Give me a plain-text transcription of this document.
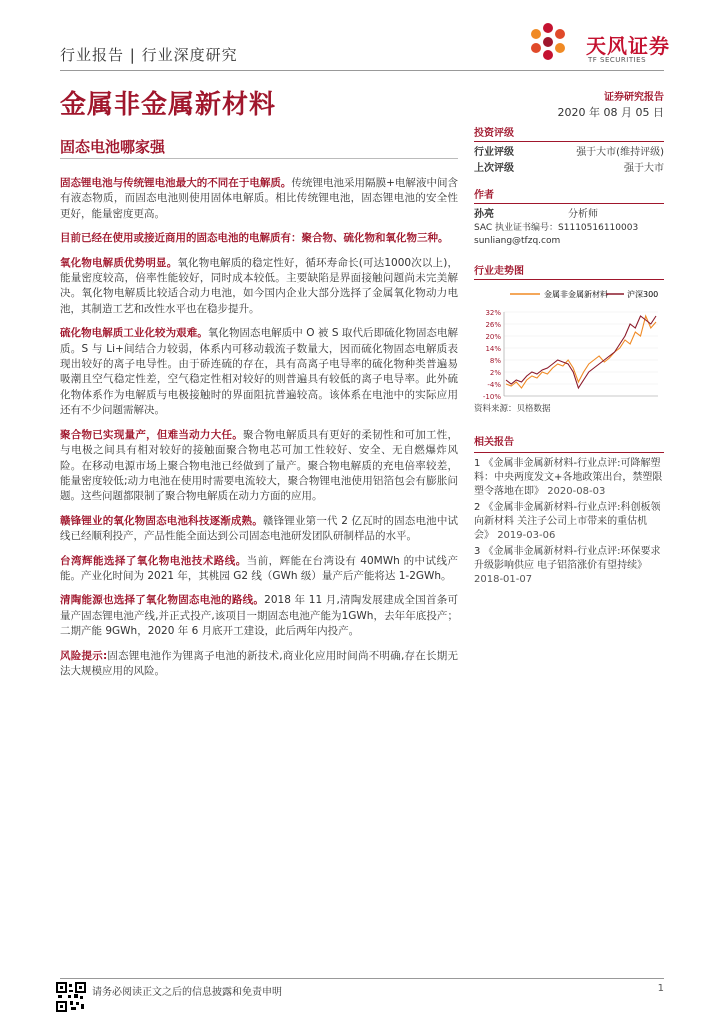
行业报告 | 行业深度研究	天风证券
TF SECURITIES
金属非金属新材料	证券研究报告
2020 年 08 月 05 日
固态电池哪家强

固态锂电池与传统锂电池最大的不同在于电解质。传统锂电池采用隔膜+电解液中间含有液态物质，而固态电池则使用固体电解质。相比传统锂电池，固态锂电池的安全性更好，能量密度更高。

目前已经在使用或接近商用的固态电池的电解质有：聚合物、硫化物和氧化物三种。

氧化物电解质优势明显。氧化物电解质的稳定性好，循环寿命长(可达1000次以上)，能量密度较高，倍率性能较好，同时成本较低。主要缺陷是界面接触问题尚未完美解决。氧化物电解质比较适合动力电池，如今国内企业大部分选择了金属氧化物动力电池，其制造工艺和改性水平也在稳步提升。

硫化物电解质工业化较为艰难。氧化物固态电解质中 O 被 S 取代后即硫化物固态电解质。S 与 Li+间结合力较弱，体系内可移动载流子数量大，因而硫化物固态电解质表现出较好的离子电导性。由于硚连硫的存在，具有高离子电导率的硫化物种类普遍易吸潮且空气稳定性差，空气稳定性相对较好的则普遍具有较低的离子电导率。此外硫化物体系作为电解质与电极接触时的界面阻抗普遍较高。该体系在电池中的实际应用还有不少问题需解决。

聚合物已实现量产，但难当动力大任。聚合物电解质具有更好的柔韧性和可加工性，与电极之间具有相对较好的接触面聚合物电芯可加工性较好、安全、无自燃爆炸风险。在移动电源市场上聚合物电池已经做到了量产。聚合物电解质的充电倍率较差，能量密度较低;动力电池在使用时需要电流较大，聚合物锂电池使用铝箔包会有膨胀问题。这些问题都限制了聚合物电解质在动力方面的应用。

赣锋锂业的氧化物固态电池科技逐渐成熟。赣锋锂业第一代 2 亿瓦时的固态电池中试线已经顺利投产，产品性能全面达到公司固态电池研发团队研制样品的水平。

台湾辉能选择了氧化物电池技术路线。当前，辉能在台湾设有 40MWh 的中试线产能。产业化时间为 2021 年，其桃园 G2 线（GWh 级）量产后产能将达 1-2GWh。

清陶能源也选择了氧化物固态电池的路线。2018 年 11 月,清陶发展建成全国首条可量产固态锂电池产线,并正式投产,该项目一期固态电池产能为1GWh，去年年底投产；二期产能 9GWh，2020 年 6 月底开工建设，此后两年内投产。

风险提示:固态锂电池作为锂离子电池的新技术,商业化应用时间尚不明确,存在长期无法大规模应用的风险。

投资评级
行业评级	强于大市(维持评级)
上次评级	强于大市
作者
孙亮	分析师
SAC 执业证书编号：S1110516110003
sunliang@tfzq.com
行业走势图
金属非金属新材料 沪深300
32%
26%
20%
14%
8%
2%
-4%
-10%
资料来源：贝格数据
相关报告
1 《金属非金属新材料-行业点评:可降解塑料：中央两度发文+各地政策出台，禁塑限塑令落地在即》 2020-08-03
2 《金属非金属新材料-行业点评:科创板领向新材料 关注子公司上市带来的重估机会》 2019-03-06
3 《金属非金属新材料-行业点评:环保要求升级影响供应 电子铝箔涨价有望持续》 2018-01-07
请务必阅读正文之后的信息披露和免责申明	1
